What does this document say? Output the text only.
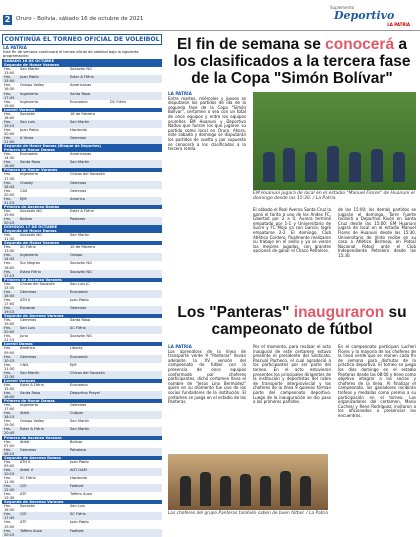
2	Oruro - Bolivia, sábado 16 de octubre de 2021
Suplemento
Deportivo
LA PATRIA
CONTINÚA EL TORNEO OFICIAL DE VOLEIBOL
LA PATRIA
Este fin de semana continuará el torneo oficial de voleibol bajo la siguiente programación:
SÁBADO 16 DE OCTUBRE
Segunda de Honor Varones
Hrs. 13:00
San Martín	Socavón NG
Hrs. 15:00
Juan Pablo	Ester A Flérix
Hrs. 16:30
Ovispo Volley	Americanas
Hrs. 17:45
Ingeniería	Santa Rosa
Hrs. 19:00
Ingeniería	Economía	DC Flérix
Juvenil Varones
Hrs. 18:00
Socavón	18 de Febrero
Hrs. 19:15
San Luis	San Martín
Hrs. 20:00
Juan Pablo	Hacienda
Hrs. 21:00
A Vicea	Gemmas
Segunda de Honor Damas (Bloque de Deportes)
Primera de Honor Damas
Hrs. 14:30
Economía	Americanas
Hrs. 16:00
Santa Rosa	San Martín
Primera de Honor Varones
Hrs. 17:30
Ingeniería	Chicas del Socavón
Hrs. 18:45
Chasky	Gemmas
Hrs. 20:00
CAS	Gemmas
Hrs. 21:15
EJM	America
Primera de Ascenso Damas
Hrs. 19:00
Socavón NG	Ester A Flérix
Hrs. 20:15
Bolívar	Pasteros
DOMINGO 17 DE OCTUBRE
Segunda de Honor Damas
Hrs. 11:30
Socavón NG	San Martín
Segunda de Honor Varones
Hrs. 13:30
SC Flérix	10 de Febrero
Hrs. 14:45
Ingeniería	Ovispo
Hrs. 16:00
Sur Negros	Socavón NG
Hrs. 17:15
Esteo Flérix	Socavón NG
Primera de Ascenso Varones
Hrs. 15:30
Chicas del Socavón	San Luis JC
Hrs. 16:45
Gemmas	Economía
Hrs. 17:00
ATH II	Juan Pablo
Hrs. 19:15
Eduardo	Gemmas
Segunda de Ascenso Varones
Hrs. 19:00
Gemmas	Santa Rosa
Hrs. 20:00
San Luis	SC Flérix
Hrs. 21:15
Juno	Socavón NG
Juvenil Damas
Hrs. 09:00
América	Liberty
Hrs. 10:15
Gemmas	Economía
Hrs. 11:30
CNN	EJM
Hrs. 12:30
San Martín	Chicas del Socavón
Juvenil Varones
Hrs. 15:00
Ester A Flérix	Economía
Hrs. 16:00
Santa Rosa	Deportivo Proyel
Primera de Honor Damas
Hrs. 17:00
Ingeniería	Gemmas
Hrs. 18:15
Atleti	Cutipar
Hrs. 19:30
Ovispo Volley	San Martín
Hrs. 20:45
Ester A Flérix	San Martín
Primera de Ascenso Varones
Hrs. 07:00
Atleti	Bolívar
Hrs. 08:15
Gemmas	Petrolero
Segunda de Ascenso Damas
Hrs. 09:00
ATH II	Juan Pablo
Hrs. 10:15
Atleti V	AGT-GAM
Hrs. 11:30
SC Flérix	Hacienda
Hrs. 12:30
CJO	Fadford
Hrs. 13:30
ATF	Taffers Auza
Segunda de Ascenso Varones
Hrs. 16:30
Socavón	San Luis
Hrs. 17:45
CJO	SC Flérix
Hrs. 19:00
ATF	Juan Pablo
Hrs. 20:15
Taffers Auza	Fadford
El fin de semana se conocerá a los clasificados a la tercera fase de la Copa "Simón Bolívar"
LA PATRIA
Entre martes, miércoles y jueves se disputaron los partidos de ida de la segunda fase de la Copa "Simón Bolívar", certamen o sea con un total de once equipos y entre los equipos orureños EM Huanuni y Deportivo Naduo que fueron los que jugaron su partido como local en Oruro. Ahora, este sábado y domingo se disputarán los partidos de vuelta y por supuesto se conocerá a los clasificados a la tercera ronda.
EM Huanuni jugará de local en el estadio "Manuel Flores" de Huanuni el domingo desde las 15:30. / La Patria
El sábado el Real Averna Santa Cruz la ganó el torito a uno de los Andes FC, Libertad por 2 a 0, Aurora terminó empatado por 1-1 y Universitario de Sucre y FC Mojo ya con García, logró empatarse 2-2. El domingo, Club Atlético Cordero, finalmente realizaron su trabajo en el anillo y ya se vieron las mejores jugadas, con grandes opciones de ganar el Chaco Petrolero.
de las 15:00; los demás partidos se jugarán el domingo, Torre Fuerte recibirá a Deportivo Kivón en Santa Cruz desde las 15:00; EM Huanuni jugará de local en el estadio Manuel Flores de Huanuni desde las 15:30, Universitario de Vinto recibe en su casa a Atlético Bermejo, en Potosí Nacional Potosí ante el Club Independiente Petrolero desde las 15:30.
Los "Panteras" inauguraron su campeonato de fútbol
LA PATRIA
Los aprendices de la línea de transporte verde 9 "Panteras" llevan adelante la XV versión del campeonato de fútbol con la presencia de once equipos conformado por choferes participantes, dicho certamen lleva el nombre de "Jesús Lino Bermúdez" quien en su momento fue uno de los socios fundadores de la institución. El certamen se juega en el estadio de las Panteras.
Por el momento, para realizar el acto inaugural de este certamen estuvo presente el presidente del Sindicato, Pascual Pacheco, el cual agradeció a los participantes por ser parte del torneo. En el acto estuvieron presentes los principales dirigentes de la institución y deportistas del rubro de transporte interprovincial y los choferes de la línea 9 quienes forman parte del campeonato deportivo. Luego de la inauguración se dio paso a los primeros partidos.
En el campeonato participan Lucheri Flores y la mayoría de los choferes de la línea verde que se reúnen cada fin de semana para disfrutar de la práctica deportiva. El torneo se juega los días domingo en el estadio Panteras desde las 08:00 y tiene como objetivo integrar a los socios y choferes de la línea. Al finalizar el campeonato, los ganadores recibirán trofeos y medallas como premio a su participación en el torneo. Los organizadores del certamen, Mario Cuchesi y Rene Rodríguez, invitaron a los aficionados a presenciar los encuentros.
Los choferes del grupo Panteras también saben de buen fútbol. / La Patria
